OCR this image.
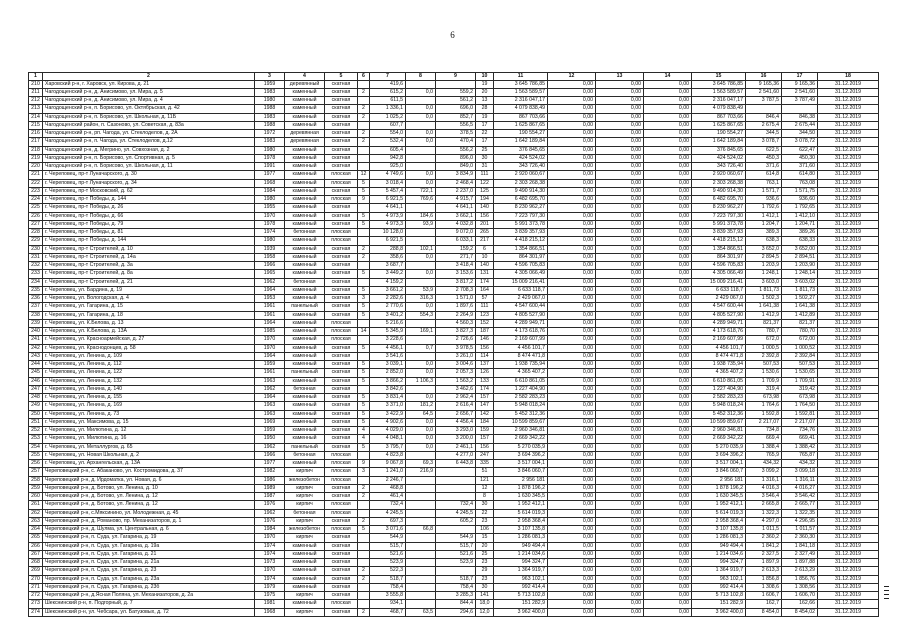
6
1	2	3	4	5	6	7	8	9	10	11	12	13	14	15	16	17	18
210	Харовский р-н, г. Харовск, ул. Кирова, д. 21	1959	деревянный	скатная		419,6			19	3 645 786,85	0,00	0,00	0,00	3 645 786,85	9 165,36	9 165,36	31.12.2019
211	Чагодощенский р-н, д. Анисимово, ул. Мира, д. 5	1983	каменный	скатная	2	615,2	0,0	559,2	20	1 563 589,57	0,00	0,00	0,00	1 563 589,57	2 541,60	2 541,60	31.12.2019
212	Чагодощенский р-н, д. Анисимово, ул. Мира, д. 4	1980	каменный	скатная		611,5		561,2	13	2 316 047,17	0,00	0,00	0,00	2 316 047,17	3 787,5	3 787,49	31.12.2019
213	Чагодощенский р-н, п. Борисово, ул. Октябрьская, д. 42	1988	каменный	скатная	2	1 336,1	0,0	696,0	28	4 079 838,49	0,00	0,00	0,00	4 079 838,49			31.12.2019
214	Чагодощенский р-н, п. Борисово, ул. Школьная, д. 11Б	1983	каменный	скатная	2	1 025,2	0,0	852,7	19	867 703,66	0,00	0,00	0,00	867 703,66	846,4	846,38	31.12.2019
215	Чагодощенский район, п. Сазоново, ул. Советская, д. 83а	1988	каменный	скатная		607,7		556,5	17	1 625 867,65	0,00	0,00	0,00	1 625 867,65	2 675,4	2 675,44	31.12.2019
216	Чагодощенский р-н, рп. Чагода, ул. Стеклоделов, д. 2А	1972	деревянная	скатная	2	554,0	0,0	378,5	22	190 554,27	0,00	0,00	0,00	190 554,27	344,5	344,50	31.12.2019
217	Чагодощенский р-н, п. Чагода, ул. Стеклоделов, д.12	1983	деревянная	скатная	2	532,4	0,0	470,4	17	1 642 189,84	0,00	0,00	0,00	1 642 189,84	3 078,7	3 078,72	31.12.2019
218	Чагодощенский р-н, д. Мегрино, ул. Совхозная, д. 2	1980	каменный	скатная		605,4		556,2	25	376 845,65	0,00	0,00	0,00	376 845,65	622,5	622,47	31.12.2019
219	Чагодощенский р-н, п. Борисово, ул. Спортивная, д. 5	1978	каменный	скатная		942,8		896,0	30	424 524,02	0,00	0,00	0,00	424 524,02	450,3	450,30	31.12.2019
220	Чагодощенский р-н, п. Борисово, ул. Школьная, д. 11	1991	каменный	скатная		925,0		849,0	31	343 726,40	0,00	0,00	0,00	343 726,40	371,6	371,60	31.12.2019
221	г. Череповец, пр-т Луначарского, д. 30	1977	каменный	плоская	12	4 749,6	0,0	3 834,9	111	2 920 060,67	0,00	0,00	0,00	2 920 060,67	614,8	614,80	31.12.2019
222	г. Череповец, пр-т Луначарского, д. 34	1968	каменный	плоская	5	3 018,4	0,0	2 468,4	122	2 303 268,38	0,00	0,00	0,00	2 303 268,38	763,1	763,08	31.12.2019
223	г. Череповец, пр-т Московский, д. 62	1984	каменный	скатная	5	5 457,4	722,1	2 237,0	125	9 490 914,30	0,00	0,00	0,00	9 490 914,30	1 571,7	1 571,75	31.12.2019
224	г. Череповец, пр-т Победы, д. 144	1980	каменный	плоская	9	6 921,5	769,6	4 915,7	194	6 482 695,70	0,00	0,00	0,00	6 482 695,70	936,6	936,60	31.12.2019
225	г. Череповец, пр-т Победы, д. 26	1955	каменный	скатная		4 641,1		4 641,1	140	8 230 962,27	0,00	0,00	0,00	8 230 962,27	1 792,6	1 792,65	31.12.2019
226	г. Череповец, пр-т Победы, д. 66	1970	каменный	скатная	5	4 973,9	184,6	3 662,1	156	7 223 797,30	0,00	0,00	0,00	7 223 797,30	1 412,1	1 412,10	31.12.2019
227	г. Череповец, пр-т Победы, д. 79	1978	каменный	скатная	5	4 973,3	93,9	4 032,8	201	5 991 373,78	0,00	0,00	0,00	5 991 373,78	1 204,7	1 204,71	31.12.2019
228	г. Череповец, пр-т Победы, д. 81	1974	бетонная	плоская		10 128,0		9 072,0	265	3 839 357,93	0,00	0,00	0,00	3 839 357,93	389,3	389,26	31.12.2019
229	г. Череповец, пр-т Победы, д. 144	1980	каменный	плоская		6 921,5		6 033,1	217	4 418 215,12	0,00	0,00	0,00	4 418 215,12	638,3	638,33	31.12.2019
230	г. Череповец, пр-т Строителей, д. 10	1939	каменный	скатная	2	288,8	102,1	159,2	6	1 354 866,51	0,00	0,00	0,00	1 354 866,51	3 652,0	3 652,00	31.12.2019
231	г. Череповец, пр-т Строителей, д. 14а	1958	каменный	скатная	2	358,6	0,0	271,7	10	864 301,97	0,00	0,00	0,00	864 301,97	2 894,5	2 894,51	31.12.2019
232	г. Череповец, пр-т Строителей, д. 3а	1966	каменный	скатная		3 687,7		3 418,4	140	4 596 705,83	0,00	0,00	0,00	4 596 705,83	1 203,9	1 203,90	31.12.2019
233	г. Череповец, пр-т Строителей, д. 8а	1965	каменный	скатная	5	3 449,2	0,0	3 153,6	131	4 305 066,49	0,00	0,00	0,00	4 305 066,49	1 248,1	1 248,14	31.12.2019
234	г. Череповец, пр-т Строителей, д. 21	1962	бетонная	скатная		4 159,2		3 817,2	174	15 009 216,41	0,00	0,00	0,00	15 009 216,41	3 603,0	3 603,02	31.12.2019
235	г. Череповец, ул. Бардина, д. 19	1964	каменный	скатная	5	3 661,2	53,9	2 708,3	164	6 633 118,7	0,00	0,00	0,00	6 633 118,7	1 811,73	1 811,73	31.12.2019
236	г. Череповец, ул. Вологодская, д. 4	1953	каменный	скатная	3	2 282,6	316,3	1 571,0	57	2 429 067,0	0,00	0,00	0,00	2 429 067,0	1 502,3	1 502,27	31.12.2019
237	г. Череповец, ул. Гагарина, д. 15	1961	панельный	скатная	5	2 770,6	0,0	1 897,6	111	4 547 600,44	0,00	0,00	0,00	4 547 600,44	1 641,38	1 641,38	31.12.2019
238	г. Череповец, ул. Гагарина, д. 18	1961	каменный	скатная	5	3 401,2	554,3	2 264,9	123	4 805 527,90	0,00	0,00	0,00	4 805 527,90	1 412,9	1 412,89	31.12.2019
239	г. Череповец, ул. К.Белова, д. 13	1964	каменный	плоская		5 216,6		4 560,3	152	4 289 949,71	0,00	0,00	0,00	4 289 949,71	821,37	821,37	31.12.2019
240	г. Череповец, ул. К.Белова, д. 13А	1985	каменный	плоская	14	5 345,9	169,1	3 827,3	187	4 173 618,76	0,00	0,00	0,00	4 173 618,76	780,7	780,70	31.12.2019
241	г. Череповец, ул. Красноармейская, д. 27	1970	каменный	плоская		3 228,6		2 726,6	146	2 169 607,99	0,00	0,00	0,00	2 169 607,99	672,0	672,00	31.12.2019
242	г. Череповец, ул. Краснодонцев, д. 58	1970	каменный	скатная	5	4 456,1	0,7	3 978,5	156	4 456 101,7	0,00	0,00	0,00	4 456 101,7	1 000,5	1 000,52	31.12.2019
243	г. Череповец, ул. Ленина, д. 109	1964	каменный	скатная		3 541,6		3 261,0	114	8 474 471,8	0,00	0,00	0,00	8 474 471,8	2 392,8	2 392,84	31.12.2019
244	г. Череповец, ул. Ленина, д. 112	1959	каменный	скатная	5	3 039,1	0,0	3 004,6	137	1 938 735,94	0,00	0,00	0,00	1 938 735,94	507,53	507,53	31.12.2019
245	г. Череповец, ул. Ленина, д. 122	1961	панельный	скатная	5	2 852,0	0,0	2 057,3	126	4 365 407,2	0,00	0,00	0,00	4 365 407,2	1 530,6	1 530,65	31.12.2019
246	г. Череповец, ул. Ленина, д. 132	1963	каменный	скатная	5	3 866,2	1 106,3	1 563,2	133	6 610 861,05	0,00	0,00	0,00	6 610 861,05	1 709,9	1 709,91	31.12.2019
247	г. Череповец, ул. Ленина, д. 140	1962	бетонная	скатная		3 842,6		3 462,6	174	1 227 404,90	0,00	0,00	0,00	1 227 404,90	319,4	319,42	31.12.2019
248	г. Череповец, ул. Ленина, д. 155	1964	каменный	скатная	5	3 831,4	0,0	2 962,4	157	2 582 283,23	0,00	0,00	0,00	2 582 283,23	673,98	673,98	31.12.2019
249	г. Череповец, ул. Ленина, д. 169	1963	каменный	скатная	5	3 371,0	181,2	2 616,4	147	5 948 018,24	0,00	0,00	0,00	5 948 018,24	1 764,6	1 764,50	31.12.2019
250	г. Череповец, ул. Ленина, д. 73	1963	каменный	скатная	5	3 422,9	64,5	2 656,7	142	5 452 312,36	0,00	0,00	0,00	5 452 312,36	1 592,8	1 592,81	31.12.2019
251	г. Череповец, ул. Максимова, д. 15	1969	каменный	скатная	5	4 902,6	0,0	4 456,4	184	10 599 859,67	0,00	0,00	0,00	10 599 859,67	2 217,07	2 217,07	31.12.2019
252	г. Череповец, ул. Милютина, д. 12	1959	каменный	скатная	4	4 029,0	0,0	3 293,0	159	2 960 346,81	0,00	0,00	0,00	2 960 346,81	734,8	734,76	31.12.2019
253	г. Череповец, ул. Милютина, д. 16	1950	каменный	скатная	4	4 048,1	0,0	3 200,0	157	2 669 342,22	0,00	0,00	0,00	2 669 342,22	669,4	669,41	31.12.2019
254	г. Череповец, ул. Металлургов, д. 65	1962	панельный	скатная	5	3 795,7	0,0	2 461,1	156	5 270 035,9	0,00	0,00	0,00	5 270 035,9	1 388,4	1 388,42	31.12.2019
255	г. Череповец, ул. Новая Школьная, д. 2	1966	бетонная	плоская		4 823,8		4 277,0	247	3 694 396,2	0,00	0,00	0,00	3 694 396,2	765,9	765,87	31.12.2019
256	г. Череповец, ул. Архангельская, д. 13А	1977	каменный	плоская	9	9 067,8	69,3	6 443,8	335	3 517 004,1	0,00	0,00	0,00	3 517 004,1	434,32	434,32	31.12.2019
257	Череповецкий р-н, с. Абаканово, ул. Костромидова, д. 37	1982	кирпич	плоская	3	1 241,0	216,9		51	3 846 060,7	0,00	0,00	0,00	3 846 060,7	3 099,2	3 099,18	31.12.2019
258	Череповецкий р-н, д. Ирдоматка, ул. Новая, д. 6	1986	железобетон	плоская		2 246,7			121	2 956 181	0,00	0,00	0,00	2 956 181	1 316,1	1 316,11	31.12.2019
259	Череповецкий р-н, д. Ботово, ул. Ленина, д. 10	1989	кирпич	скатная	2	468,8			12	1 878 196,2	0,00	0,00	0,00	1 878 196,2	4 016,3	4 016,27	31.12.2019
260	Череповецкий р-н, д. Ботово, ул. Ленина, д. 12	1987	кирпич	скатная	2	461,4			8	1 630 345,5	0,00	0,00	0,00	1 630 345,5	3 546,4	3 546,42	31.12.2019
261	Череповецкий р-н, д. Ботово, ул. Ленина, д. 12	1976	кирпич	плоская		732,4		732,4	30	1 952 412,1	0,00	0,00	0,00	1 952 412,1	2 665,8	2 665,77	31.12.2019
262	Череповецкий р-н, с.Мяксинино, ул. Молодежная, д. 45	1962	бетонная	плоская		4 245,5		4 245,5	22	5 614 019,3	0,00	0,00	0,00	5 614 019,3	1 322,3	1 322,35	31.12.2019
263	Череповецкий р-н, д. Романово, пр. Механизаторов, д. 1	1976	кирпич	скатная	2	697,3		605,2	23	2 958 368,4	0,00	0,00	0,00	2 958 368,4	4 297,0	4 296,95	31.12.2019
264	Череповецкий р-н, д. Шулма, ул. Центральная, д. 6	1984	железобетон	плоская	5	3 071,6	66,8		106	3 107 135,8	0,00	0,00	0,00	3 107 135,8	1 011,5	1 011,57	31.12.2019
265	Череповецкий р-н, п. Суда, ул. Гагарина, д. 19	1970	кирпич	скатная		544,9		544,9	15	1 286 081,3	0,00	0,00	0,00	1 286 081,3	2 360,2	2 360,30	31.12.2019
266	Череповецкий р-н, п. Суда, ул. Гагарина, д. 19а	1974	каменный	скатная		515,7		515,7	20	949 494,4	0,00	0,00	0,00	949 494,4	1 841,2	1 841,18	31.12.2019
267	Череповецкий р-н, п. Суда, ул. Гагарина, д. 21	1974	каменный	скатная		521,6		521,6	25	1 214 034,6	0,00	0,00	0,00	1 214 034,6	2 327,5	2 327,49	31.12.2019
268	Череповецкий р-н, п. Суда, ул. Гагарина, д. 21а	1973	каменный	скатная		523,9		523,9	23	994 324,7	0,00	0,00	0,00	994 324,7	1 897,9	1 897,88	31.12.2019
269	Череповецкий р-н, п. Суда, ул. Гагарина, д. 23	1970	каменный	скатная	2	522,3			29	1 364 919,7	0,00	0,00	0,00	1 364 919,7	2 613,3	2 613,29	31.12.2019
270	Череповецкий р-н, п. Суда, ул. Гагарина, д. 23а	1974	каменный	скатная	2	518,7		518,7	23	963 102,1	0,00	0,00	0,00	963 102,1	1 856,8	1 856,76	31.12.2019
271	Череповецкий р-н, п. Суда, ул. Гагарина, д. 23б	1979	каменный	скатная		758,4		758,4	30	992 414,4	0,00	0,00	0,00	992 414,4	1 308,6	1 308,56	31.12.2019
272	Череповецкий р-н, д.Ясная Поляна, ул. Механизаторов, д. 2а	1975	кирпич	скатная		3 555,8		3 285,3	141	5 713 102,8	0,00	0,00	0,00	5 713 102,8	1 606,7	1 606,70	31.12.2019
273	Шекснинский р-н, п. Подгорный, д. 7	1981	каменный	плоская		934,1		844,4	18,0	151 282,9	0,00	0,00	0,00	151 282,9	162,7	162,66	31.12.2019
274	Шекснинский р-н, ул. Чебсара, ул. Батузовых, д. 72	1968	кирпич	скатная	2	468,7	63,5	294,6	12,0	3 962 400,0	0,00	0,00	0,00	3 962 400,0	8 454,0	8 454,02	31.12.2019
